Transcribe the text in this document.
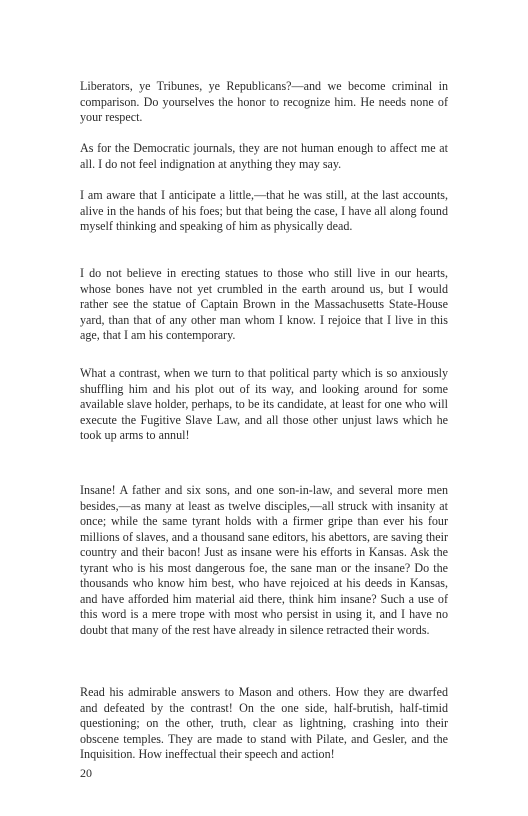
Liberators, ye Tribunes, ye Republicans?—and we become criminal in comparison. Do yourselves the honor to recognize him. He needs none of your respect.

As for the Democratic journals, they are not human enough to affect me at all. I do not feel indignation at anything they may say.

I am aware that I anticipate a little,—that he was still, at the last accounts, alive in the hands of his foes; but that being the case, I have all along found myself thinking and speaking of him as physically dead.

I do not believe in erecting statues to those who still live in our hearts, whose bones have not yet crumbled in the earth around us, but I would rather see the statue of Captain Brown in the Massachusetts State-House yard, than that of any other man whom I know. I rejoice that I live in this age, that I am his contemporary.

What a contrast, when we turn to that political party which is so anxiously shuffling him and his plot out of its way, and looking around for some available slave holder, perhaps, to be its candidate, at least for one who will execute the Fugitive Slave Law, and all those other unjust laws which he took up arms to annul!

Insane! A father and six sons, and one son-in-law, and several more men besides,—as many at least as twelve disciples,—all struck with insanity at once; while the same tyrant holds with a firmer gripe than ever his four millions of slaves, and a thousand sane editors, his abettors, are saving their country and their bacon! Just as insane were his efforts in Kansas. Ask the tyrant who is his most dangerous foe, the sane man or the insane? Do the thousands who know him best, who have rejoiced at his deeds in Kansas, and have afforded him material aid there, think him insane? Such a use of this word is a mere trope with most who persist in using it, and I have no doubt that many of the rest have already in silence retracted their words.

Read his admirable answers to Mason and others. How they are dwarfed and defeated by the contrast! On the one side, half-brutish, half-timid questioning; on the other, truth, clear as lightning, crashing into their obscene temples. They are made to stand with Pilate, and Gesler, and the Inquisition. How ineffectual their speech and action!

20
